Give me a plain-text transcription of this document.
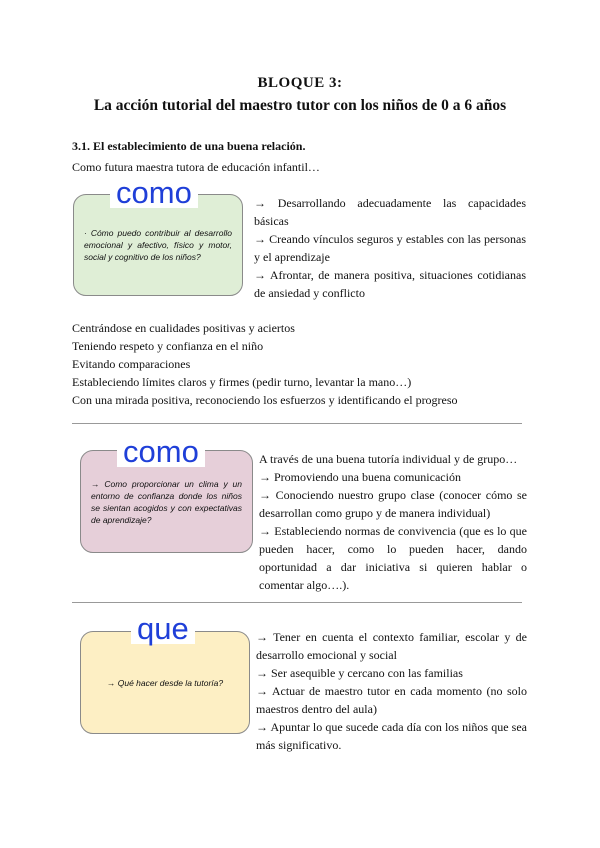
BLOQUE 3:
La acción tutorial del maestro tutor con los niños de 0 a 6 años
3.1. El establecimiento de una buena relación.
Como futura maestra tutora de educación infantil…
· Cómo puedo contribuir al desarrollo emocional y afectivo, físico y motor, social y cognitivo de los niños?
como	→ Desarrollando adecuadamente las capacidades básicas
→ Creando vínculos seguros y estables con las personas y el aprendizaje
→ Afrontar, de manera positiva, situaciones cotidianas de ansiedad y conflicto
Centrándose en cualidades positivas y aciertos
Teniendo respeto y confianza en el niño
Evitando comparaciones
Estableciendo límites claros y firmes (pedir turno, levantar la mano…)
Con una mirada positiva, reconociendo los esfuerzos y identificando el progreso
→ Como proporcionar un clima y un entorno de confianza donde los niños se sientan acogidos y con expectativas de aprendizaje?
como	A través de una buena tutoría individual y de grupo…
→ Promoviendo una buena comunicación
→ Conociendo nuestro grupo clase (conocer cómo se desarrollan como grupo y de manera individual)
→ Estableciendo normas de convivencia (que es lo que pueden hacer, como lo pueden hacer, dando oportunidad a dar iniciativa si quieren hablar o comentar algo….).
→ Qué hacer desde la tutoría?
que	→ Tener en cuenta el contexto familiar, escolar y de desarrollo emocional y social
→ Ser asequible y cercano con las familias
→ Actuar de maestro tutor en cada momento (no solo maestros dentro del aula)
→ Apuntar lo que sucede cada día con los niños que sea más significativo.
